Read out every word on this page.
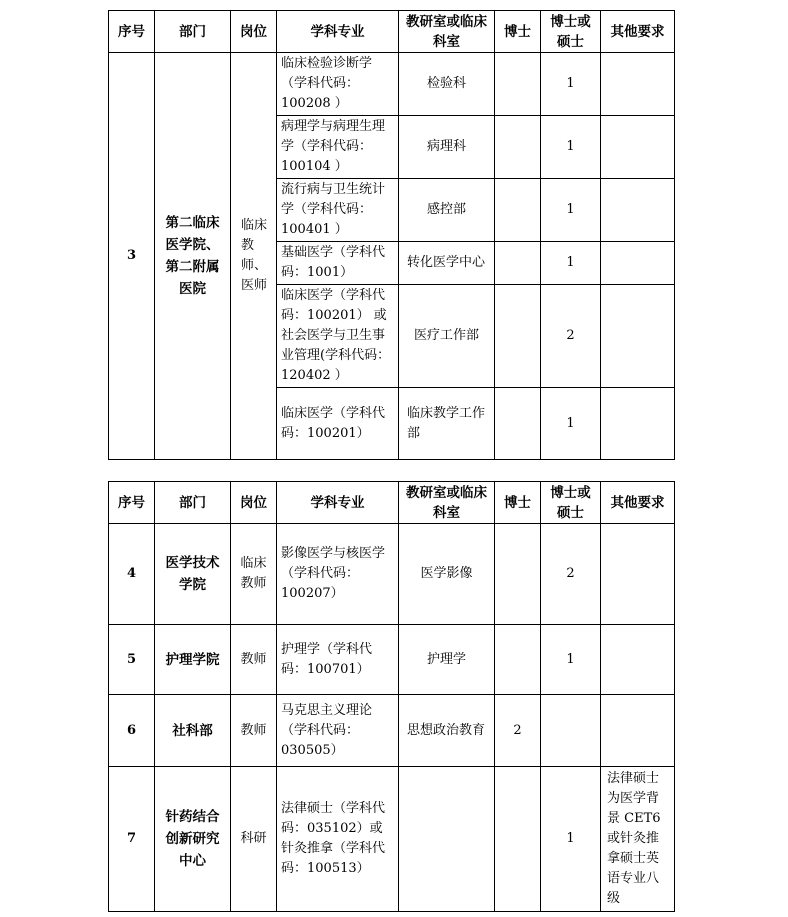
序号	部门	岗位	学科专业	教研室或临床科室	博士	博士或硕士	其他要求
3	第二临床医学院、第二附属医院	临床教师、医师	临床检验诊断学（学科代码：100208 ）	检验科		1	
			病理学与病理生理学（学科代码：100104 ）	病理科		1	
			流行病与卫生统计学（学科代码：100401 ）	感控部		1	
			基础医学（学科代码：1001）	转化医学中心		1	
			临床医学（学科代码：100201） 或社会医学与卫生事业管理(学科代码：120402 ）	医疗工作部		2	
			临床医学（学科代码：100201）	临床教学工作部		1	
序号	部门	岗位	学科专业	教研室或临床科室	博士	博士或硕士	其他要求
4	医学技术学院	临床教师	影像医学与核医学（学科代码：100207）	医学影像		2	
5	护理学院	教师	护理学（学科代码：100701）	护理学		1	
6	社科部	教师	马克思主义理论（学科代码：030505）	思想政治教育	2		
7	针药结合创新研究中心	科研	法律硕士（学科代码：035102）或针灸推拿（学科代码：100513）			1	法律硕士为医学背景 CET6 或针灸推拿硕士英语专业八级
